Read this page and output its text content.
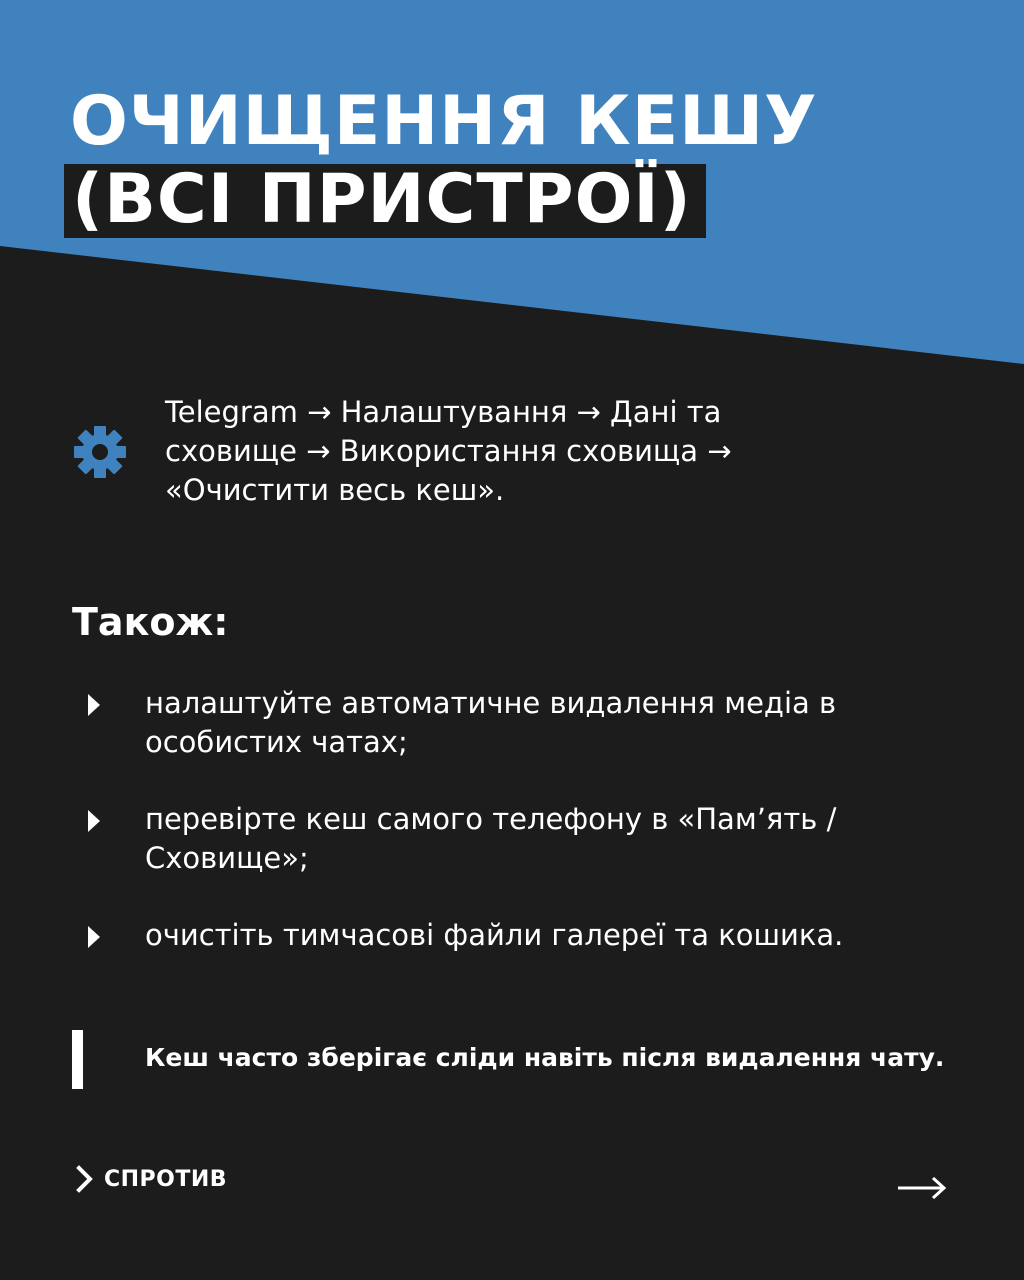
ОЧИЩЕННЯ КЕШУ
(ВСІ ПРИСТРОЇ)

Telegram → Налаштування → Дані та сховище → Використання сховища → «Очистити весь кеш».

Також:

налаштуйте автоматичне видалення медіа в особистих чатах;

перевірте кеш самого телефону в «Пам’ять / Сховище»;

очистіть тимчасові файли галереї та кошика.

Кеш часто зберігає сліди навіть після видалення чату.

СПРОТИВ
